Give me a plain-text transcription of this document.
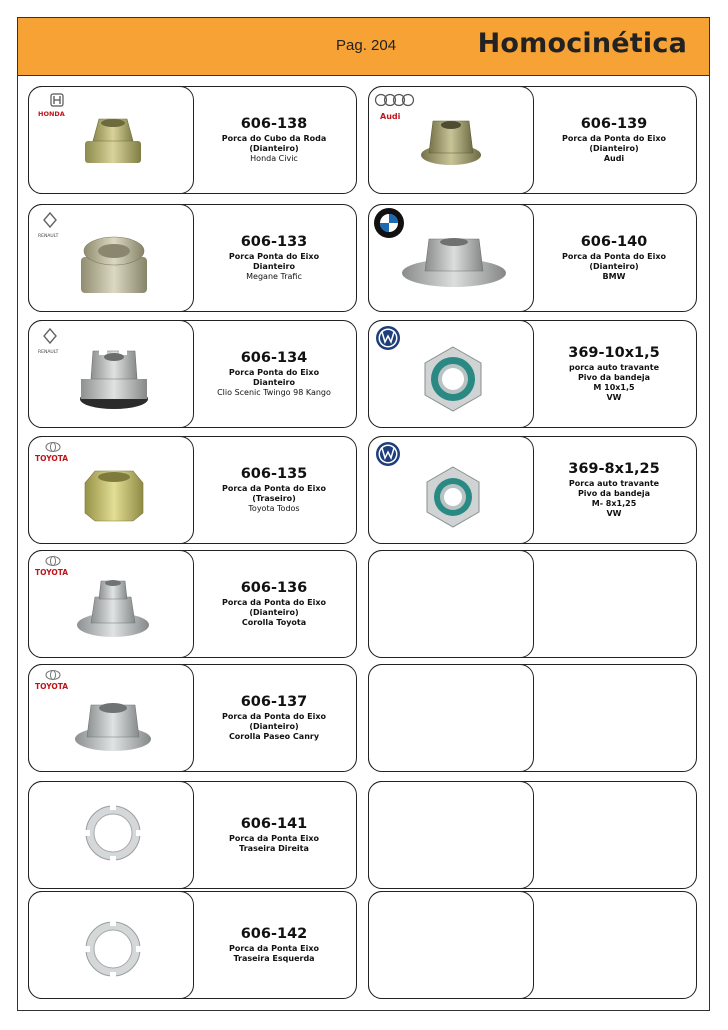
Pag. 204	Homocinética
HONDA
606-138
Porca do Cubo da Roda
(Dianteiro)
Honda Civic
Audi	606-139
Porca da Ponta do Eixo
(Dianteiro)
Audi
RENAULT	606-133
Porca Ponta do Eixo
Dianteiro
Megane Trafic
606-140
Porca da Ponta do Eixo
(Dianteiro)
BMW
RENAULT	606-134
Porca Ponta do Eixo
Dianteiro
Clio Scenic Twingo 98 Kango
369-10x1,5
porca auto travante
Pivo da bandeja
M 10x1,5
VW
TOYOTA
606-135
Porca da Ponta do Eixo
(Traseiro)
Toyota Todos
369-8x1,25
Porca auto travante
Pivo da bandeja
M- 8x1,25
VW
TOYOTA
606-136
Porca da Ponta do Eixo
(Dianteiro)
Corolla Toyota
TOYOTA
606-137
Porca da Ponta do Eixo
(Dianteiro)
Corolla Paseo Canry
606-141
Porca da Ponta Eixo
Traseira Direita
606-142
Porca da Ponta Eixo
Traseira Esquerda
